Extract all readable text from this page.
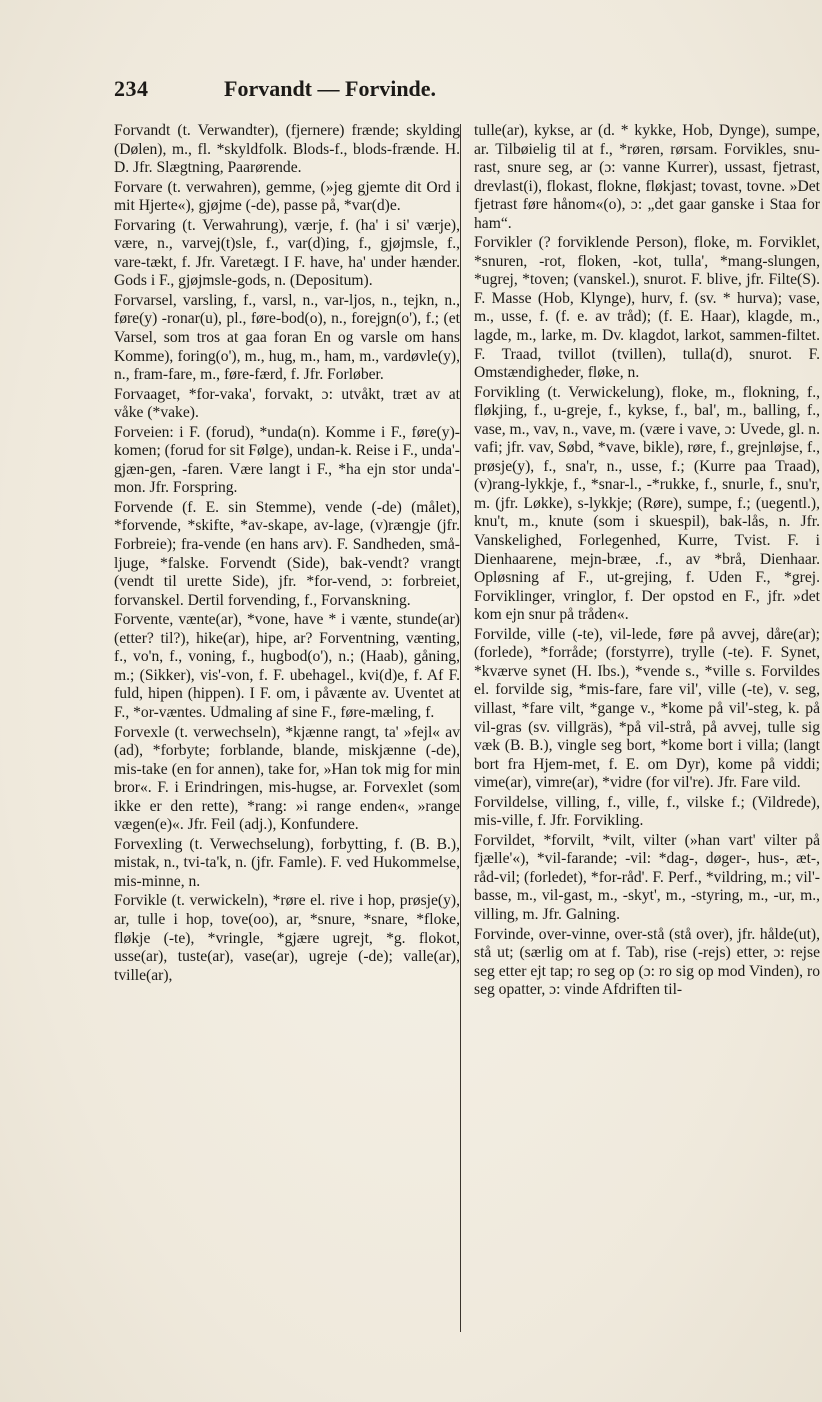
234	Forvandt — Forvinde.

Forvandt (t. Verwandter), (fjernere) frænde; skylding (Dølen), m., fl. *skyldfolk. Blods-f., blods-frænde. H. D. Jfr. Slægtning, Paarørende.

Forvare (t. verwahren), gemme, (»jeg gjemte dit Ord i mit Hjerte«), gjøjme (-de), passe på, *var(d)e.

Forvaring (t. Verwahrung), værje, f. (ha' i si' værje), være, n., varvej(t)sle, f., var(d)ing, f., gjøjmsle, f., vare-tækt, f. Jfr. Varetægt. I F. have, ha' under hænder. Gods i F., gjøjmsle-gods, n. (Depositum).

Forvarsel, varsling, f., varsl, n., var-ljos, n., tejkn, n., føre(y) -ronar(u), pl., føre-bod(o), n., forejgn(o'), f.; (et Varsel, som tros at gaa foran En og varsle om hans Komme), foring(o'), m., hug, m., ham, m., vardøvle(y), n., fram-fare, m., føre-færd, f. Jfr. Forløber.

Forvaaget, *for-vaka', forvakt, ɔ: utvåkt, træt av at våke (*vake).

Forveien: i F. (forud), *unda(n). Komme i F., føre(y)-komen; (forud for sit Følge), undan-k. Reise i F., unda'-gjæn-gen, -faren. Være langt i F., *ha ejn stor unda'-mon. Jfr. Forspring.

Forvende (f. E. sin Stemme), vende (-de) (målet), *forvende, *skifte, *av-skape, av-lage, (v)rængje (jfr. Forbreie); fra-vende (en hans arv). F. Sandheden, små-ljuge, *falske. Forvendt (Side), bak-vendt? vrangt (vendt til urette Side), jfr. *for-vend, ɔ: forbreiet, forvanskel. Dertil forvending, f., Forvanskning.

Forvente, vænte(ar), *vone, have * i vænte, stunde(ar) (etter? til?), hike(ar), hipe, ar? Forventning, vænting, f., vo'n, f., voning, f., hugbod(o'), n.; (Haab), gåning, m.; (Sikker), vis'-von, f. F. ubehagel., kvi(d)e, f. Af F. fuld, hipen (hippen). I F. om, i påvænte av. Uventet at F., *or-væntes. Udmaling af sine F., føre-mæling, f.

Forvexle (t. verwechseln), *kjænne rangt, ta' »fejl« av (ad), *forbyte; forblande, blande, miskjænne (-de), mis-take (en for annen), take for, »Han tok mig for min bror«. F. i Erindringen, mis-hugse, ar. Forvexlet (som ikke er den rette), *rang: »i range enden«, »range vægen(e)«. Jfr. Feil (adj.), Konfundere.

Forvexling (t. Verwechselung), forbytting, f. (B. B.), mistak, n., tvi-ta'k, n. (jfr. Famle). F. ved Hukommelse, mis-minne, n.

Forvikle (t. verwickeln), *røre el. rive i hop, prøsje(y), ar, tulle i hop, tove(oo), ar, *snure, *snare, *floke, fløkje (-te), *vringle, *gjære ugrejt, *g. flokot, usse(ar), tuste(ar), vase(ar), ugreje (-de); valle(ar), tville(ar),

tulle(ar), kykse, ar (d. * kykke, Hob, Dynge), sumpe, ar. Tilbøielig til at f., *røren, rørsam. Forvikles, snu-rast, snure seg, ar (ɔ: vanne Kurrer), ussast, fjetrast, drevlast(i), flokast, flokne, fløkjast; tovast, tovne. »Det fjetrast føre hånom«(o), ɔ: „det gaar ganske i Staa for ham“.

Forvikler (? forviklende Person), floke, m. Forviklet, *snuren, -rot, floken, -kot, tulla', *mang-slungen, *ugrej, *toven; (vanskel.), snurot. F. blive, jfr. Filte(S). F. Masse (Hob, Klynge), hurv, f. (sv. * hurva); vase, m., usse, f. (f. e. av tråd); (f. E. Haar), klagde, m., lagde, m., larke, m. Dv. klagdot, larkot, sammen-filtet. F. Traad, tvillot (tvillen), tulla(d), snurot. F. Omstændigheder, fløke, n.

Forvikling (t. Verwickelung), floke, m., flokning, f., fløkjing, f., u-greje, f., kykse, f., bal', m., balling, f., vase, m., vav, n., vave, m. (være i vave, ɔ: Uvede, gl. n. vafi; jfr. vav, Søbd, *vave, bikle), røre, f., grejnløjse, f., prøsje(y), f., sna'r, n., usse, f.; (Kurre paa Traad), (v)rang-lykkje, f., *snar-l., -*rukke, f., snurle, f., snu'r, m. (jfr. Løkke), s-lykkje; (Røre), sumpe, f.; (uegentl.), knu't, m., knute (som i skuespil), bak-lås, n. Jfr. Vanskelighed, Forlegenhed, Kurre, Tvist. F. i Dienhaarene, mejn-bræe, .f., av *brå, Dienhaar. Opløsning af F., ut-grejing, f. Uden F., *grej. Forviklinger, vringlor, f. Der opstod en F., jfr. »det kom ejn snur på tråden«.

Forvilde, ville (-te), vil-lede, føre på avvej, dåre(ar); (forlede), *forråde; (forstyrre), trylle (-te). F. Synet, *kværve synet (H. Ibs.), *vende s., *ville s. Forvildes el. forvilde sig, *mis-fare, fare vil', ville (-te), v. seg, villast, *fare vilt, *gange v., *kome på vil'-steg, k. på vil-gras (sv. villgräs), *på vil-strå, på avvej, tulle sig væk (B. B.), vingle seg bort, *kome bort i villa; (langt bort fra Hjem-met, f. E. om Dyr), kome på viddi; vime(ar), vimre(ar), *vidre (for vil're). Jfr. Fare vild.

Forvildelse, villing, f., ville, f., vilske f.; (Vildrede), mis-ville, f. Jfr. Forvikling.

Forvildet, *forvilt, *vilt, vilter (»han vart' vilter på fjælle'«), *vil-farande; -vil: *dag-, døger-, hus-, æt-, råd-vil; (forledet), *for-råd'. F. Perf., *vildring, m.; vil'-basse, m., vil-gast, m., -skyt', m., -styring, m., -ur, m., villing, m. Jfr. Galning.

Forvinde, over-vinne, over-stå (stå over), jfr. hålde(ut), stå ut; (særlig om at f. Tab), rise (-rejs) etter, ɔ: rejse seg etter ejt tap; ro seg op (ɔ: ro sig op mod Vinden), ro seg opatter, ɔ: vinde Afdriften til-
